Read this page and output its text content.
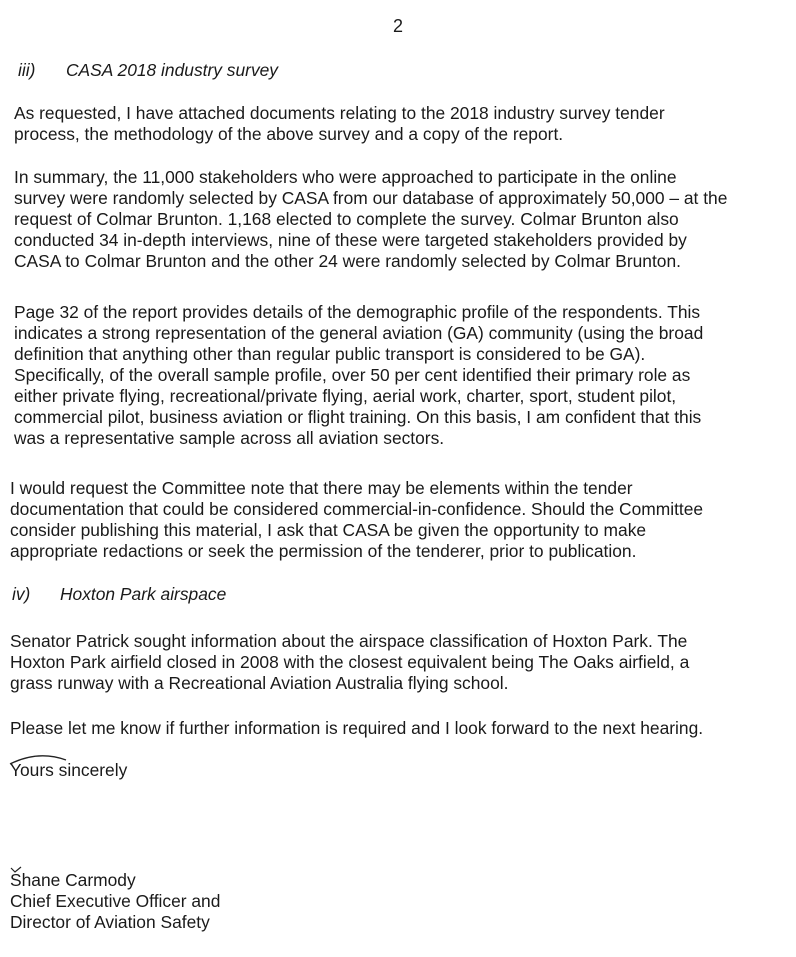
2
iii) CASA 2018 industry survey

As requested, I have attached documents relating to the 2018 industry survey tender
process, the methodology of the above survey and a copy of the report.

In summary, the 11,000 stakeholders who were approached to participate in the online
survey were randomly selected by CASA from our database of approximately 50,000 – at the
request of Colmar Brunton. 1,168 elected to complete the survey. Colmar Brunton also
conducted 34 in-depth interviews, nine of these were targeted stakeholders provided by
CASA to Colmar Brunton and the other 24 were randomly selected by Colmar Brunton.

Page 32 of the report provides details of the demographic profile of the respondents. This
indicates a strong representation of the general aviation (GA) community (using the broad
definition that anything other than regular public transport is considered to be GA).
Specifically, of the overall sample profile, over 50 per cent identified their primary role as
either private flying, recreational/private flying, aerial work, charter, sport, student pilot,
commercial pilot, business aviation or flight training. On this basis, I am confident that this
was a representative sample across all aviation sectors.

I would request the Committee note that there may be elements within the tender
documentation that could be considered commercial-in-confidence. Should the Committee
consider publishing this material, I ask that CASA be given the opportunity to make
appropriate redactions or seek the permission of the tenderer, prior to publication.

iv) Hoxton Park airspace

Senator Patrick sought information about the airspace classification of Hoxton Park. The
Hoxton Park airfield closed in 2008 with the closest equivalent being The Oaks airfield, a
grass runway with a Recreational Aviation Australia flying school.

Please let me know if further information is required and I look forward to the next hearing.

Yours sincerely
Shane Carmody
Chief Executive Officer and
Director of Aviation Safety
